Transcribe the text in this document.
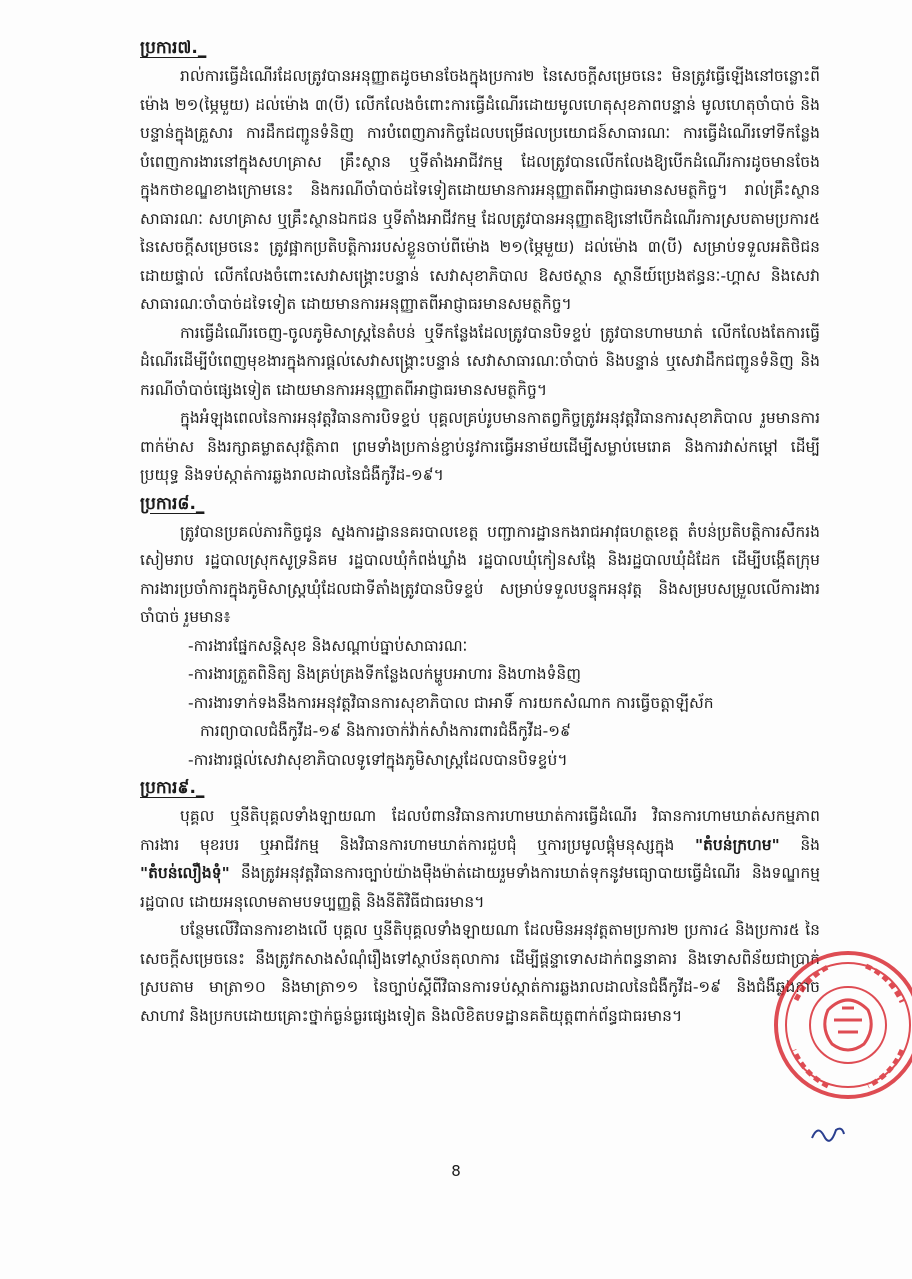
ប្រការ៧._

រាល់ការធ្វើដំណើរដែលត្រូវបានអនុញ្ញាតដូចមានចែងក្នុងប្រការ២ នៃសេចក្តីសម្រេចនេះ មិនត្រូវធ្វើឡើងនៅចន្លោះពីម៉ោង ២១(ម្ភៃមួយ) ដល់ម៉ោង ៣(បី) លើកលែងចំពោះការធ្វើដំណើរដោយមូលហេតុសុខភាពបន្ទាន់ មូលហេតុចាំបាច់ និងបន្ទាន់ក្នុងគ្រួសារ ការដឹកជញ្ជូនទំនិញ ការបំពេញភារកិច្ចដែលបម្រើផលប្រយោជន៍សាធារណៈ ការធ្វើដំណើរទៅទីកន្លែងបំពេញការងារនៅក្នុងសហគ្រាស គ្រឹះស្ថាន ឬទីតាំងអាជីវកម្ម ដែលត្រូវបានលើកលែងឱ្យបើកដំណើរការដូចមានចែងក្នុងកថាខណ្ឌខាងក្រោមនេះ និងករណីចាំបាច់ដទៃទៀតដោយមានការអនុញ្ញាតពីអាជ្ញាធរមានសមត្ថកិច្ច។ រាល់គ្រឹះស្ថានសាធារណៈ សហគ្រាស ឬគ្រឹះស្ថានឯកជន ឬទីតាំងអាជីវកម្ម ដែលត្រូវបានអនុញ្ញាតឱ្យនៅបើកដំណើរការស្របតាមប្រការ៥ នៃសេចក្តីសម្រេចនេះ ត្រូវផ្អាកប្រតិបត្តិការរបស់ខ្លួនចាប់ពីម៉ោង ២១(ម្ភៃមួយ) ដល់ម៉ោង ៣(បី) សម្រាប់ទទួលអតិថិជនដោយផ្ទាល់ លើកលែងចំពោះសេវាសង្គ្រោះបន្ទាន់ សេវាសុខាភិបាល ឱសថស្ថាន ស្ថានីយ៍ប្រេងឥន្ធនៈ-ហ្គាស និងសេវាសាធារណៈចាំបាច់ដទៃទៀត ដោយមានការអនុញ្ញាតពីអាជ្ញាធរមានសមត្ថកិច្ច។

ការធ្វើដំណើរចេញ-ចូលភូមិសាស្ត្រនៃតំបន់ ឬទីកន្លែងដែលត្រូវបានបិទខ្ទប់ ត្រូវបានហាមឃាត់ លើកលែងតែការធ្វើដំណើរដើម្បីបំពេញមុខងារក្នុងការផ្តល់សេវាសង្គ្រោះបន្ទាន់ សេវាសាធារណៈចាំបាច់ និងបន្ទាន់ ឬសេវាដឹកជញ្ជូនទំនិញ និងករណីចាំបាច់ផ្សេងទៀត ដោយមានការអនុញ្ញាតពីអាជ្ញាធរមានសមត្ថកិច្ច។

ក្នុងអំឡុងពេលនៃការអនុវត្តវិធានការបិទខ្ទប់ បុគ្គលគ្រប់រូបមានកាតព្វកិច្ចត្រូវអនុវត្តវិធានការសុខាភិបាល រួមមានការពាក់ម៉ាស និងរក្សាគម្លាតសុវត្ថិភាព ព្រមទាំងប្រកាន់ខ្ជាប់នូវការធ្វើអនាម័យដើម្បីសម្លាប់មេរោគ និងការវាស់កម្តៅ ដើម្បីប្រយុទ្ធ និងទប់ស្កាត់ការឆ្លងរាលដាលនៃជំងឺកូវីដ-១៩។

ប្រការ៨._

ត្រូវបានប្រគល់ភារកិច្ចជូន ស្នងការដ្ឋាននគរបាលខេត្ត បញ្ជាការដ្ឋានកងរាជអាវុធហត្ថខេត្ត តំបន់ប្រតិបត្តិការសឹករងសៀមរាប រដ្ឋបាលស្រុកសូទ្រនិគម រដ្ឋបាលឃុំកំពង់ឃ្លាំង រដ្ឋបាលឃុំកៀនសង្កែ និងរដ្ឋបាលឃុំដំដែក ដើម្បីបង្កើតក្រុមការងារប្រចាំការក្នុងភូមិសាស្ត្រឃុំដែលជាទីតាំងត្រូវបានបិទខ្ទប់ សម្រាប់ទទួលបន្ទុកអនុវត្ត និងសម្របសម្រួលលើការងារចាំបាច់ រួមមាន៖

-ការងារផ្នែកសន្តិសុខ និងសណ្តាប់ធ្នាប់សាធារណៈ

-ការងារត្រួតពិនិត្យ និងគ្រប់គ្រងទីកន្លែងលក់ម្ហូបអាហារ និងហាងទំនិញ

-ការងារទាក់ទងនឹងការអនុវត្តវិធានការសុខាភិបាល ជាអាទិ៍ ការយកសំណាក ការធ្វើចត្តាឡីស័ក

ការព្យាបាលជំងឺកូវីដ-១៩ និងការចាក់វ៉ាក់សាំងការពារជំងឺកូវីដ-១៩

-ការងារផ្តល់សេវាសុខាភិបាលទូទៅក្នុងភូមិសាស្ត្រដែលបានបិទខ្ទប់។

ប្រការ៩._

បុគ្គល ឬនីតិបុគ្គលទាំងឡាយណា ដែលបំពានវិធានការហាមឃាត់ការធ្វើដំណើរ វិធានការហាមឃាត់សកម្មភាពការងារ មុខរបរ ឬអាជីវកម្ម និងវិធានការហាមឃាត់ការជួបជុំ ឬការប្រមូលផ្តុំមនុស្សក្នុង "តំបន់ក្រហម" និង "តំបន់លឿងទុំ" នឹងត្រូវអនុវត្តវិធានការច្បាប់យ៉ាងម៉ឺងម៉ាត់ដោយរួមទាំងការឃាត់ទុកនូវមធ្យោបាយធ្វើដំណើរ និងទណ្ឌកម្មរដ្ឋបាល ដោយអនុលោមតាមបទប្បញ្ញត្តិ និងនីតិវិធីជាធរមាន។

បន្ថែមលើវិធានការខាងលើ បុគ្គល ឬនីតិបុគ្គលទាំងឡាយណា ដែលមិនអនុវត្តតាមប្រការ២ ប្រការ៤ និងប្រការ៥ នៃសេចក្តីសម្រេចនេះ នឹងត្រូវកសាងសំណុំរឿងទៅស្ថាប័នតុលាការ ដើម្បីផ្តន្ទាទោសដាក់ពន្ធនាគារ និងទោសពិន័យជាប្រាក់ស្របតាម មាត្រា១០ និងមាត្រា១១ នៃច្បាប់ស្តីពីវិធានការទប់ស្កាត់ការឆ្លងរាលដាលនៃជំងឺកូវីដ-១៩ និងជំងឺឆ្លងកាចសាហាវ និងប្រកបដោយគ្រោះថ្នាក់ធ្ងន់ធ្ងរផ្សេងទៀត និងលិខិតបទដ្ឋានគតិយុត្តពាក់ព័ន្ធជាធរមាន។

8
